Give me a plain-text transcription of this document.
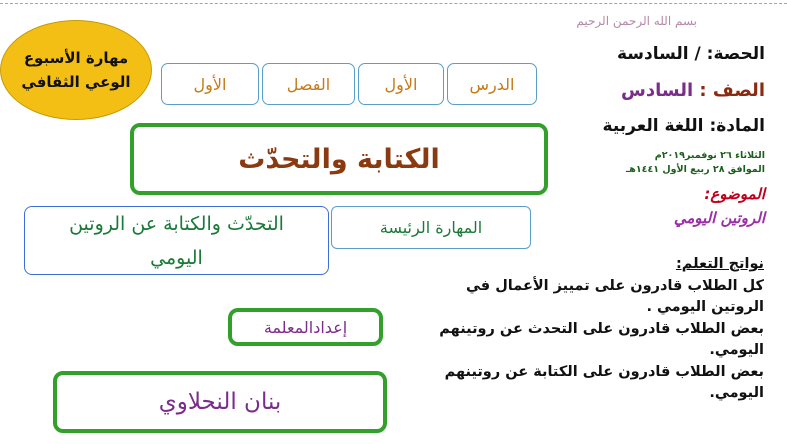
مهارة الأسبوع
الوعي الثقافي	الدرس
الأول
الفصل
الأول
بسم الله الرحمن الرحيم
الحصة: / السادسة
الصف : السادس
المادة: اللغة العربية
الثلاثاء ٢٦ نوفمبر٢٠١٩م
الموافق ٢٨ ربيع الأول ١٤٤١هـ
الموضوع: الروتين اليومي
الكتابة والتحدّث
المهارة الرئيسة
التحدّث والكتابة عن الروتين اليومي
إعدادالمعلمة
بنان النحلاوي
نواتج التعلم:
كل الطلاب قادرون على تمييز الأعمال في الروتين اليومي .
بعض الطلاب قادرون على التحدث عن روتينهم اليومي.
بعض الطلاب قادرون على الكتابة عن روتينهم اليومي.
